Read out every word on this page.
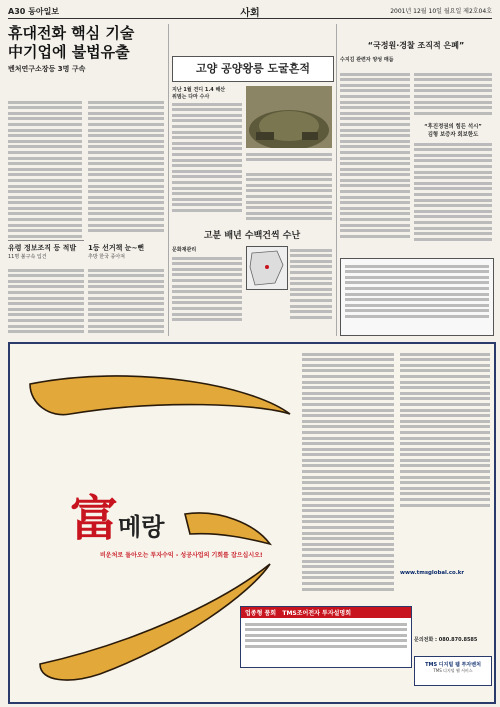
A30 동아일보	사회	2001년 12월 10일 월요일 제2호04호
휴대전화 핵심 기술
中기업에 불법유출
벤처연구소장등 3명 구속
유령 정보조직 등 적발
11명 불구속 입건
1등 선거책 눈~뻔
추방 한국 종아져
고양 공양왕릉 도굴흔적
지난 1월 견디 1.4 해산
위범는 다마 수사
고분 배년 수백건씩 수난
문화재관리
“국정원·경찰 조직적 은폐”
수지김 관련자 양성 매듭
“후진정권의 힘든 석시”
김형 보증자 회보한도
富메랑
비운처로 돌아오는 투자수익 - 성공사업의 기회를 잡으십시오!
www.tmsglobal.co.kr
업종형 품회 TMS조어전자 투자설명회
문의전화 : 080.870.8585
TMS 디지털 웹 투자벤처
TMS 디지털 웹 서비스
